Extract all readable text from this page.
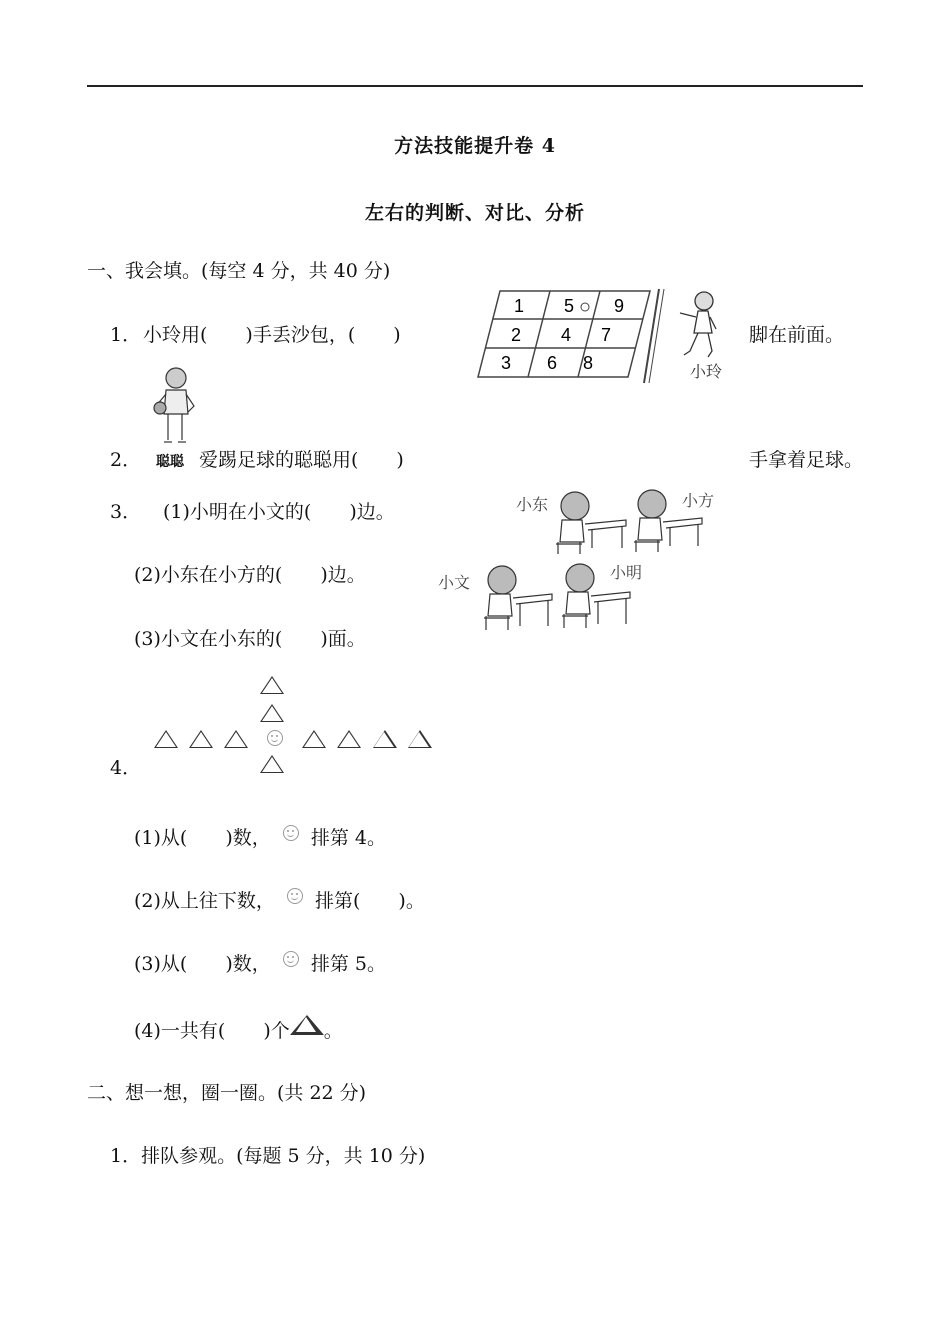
方法技能提升卷 4
左右的判断、对比、分析
一、我会填。(每空 4 分，共 40 分)
1． 小玲用(　　)手丢沙包，(　　)	脚在前面。
1 5 9
2 4 7
3 6 8	小玲
2． 聪聪 爱踢足球的聪聪用(　　)	手拿着足球。
3． (1)小明在小文的(　　)边。
(2)小东在小方的(　　)边。
(3)小文在小东的(　　)面。
小东	小方
小文
小明

4．
(1)从(　　)数， 排第 4。
(2)从上往下数， 排第(　　)。
(3)从(　　)数， 排第 5。
(4)一共有(　　)个 。
二、想一想，圈一圈。(共 22 分)
1．排队参观。(每题 5 分，共 10 分)
